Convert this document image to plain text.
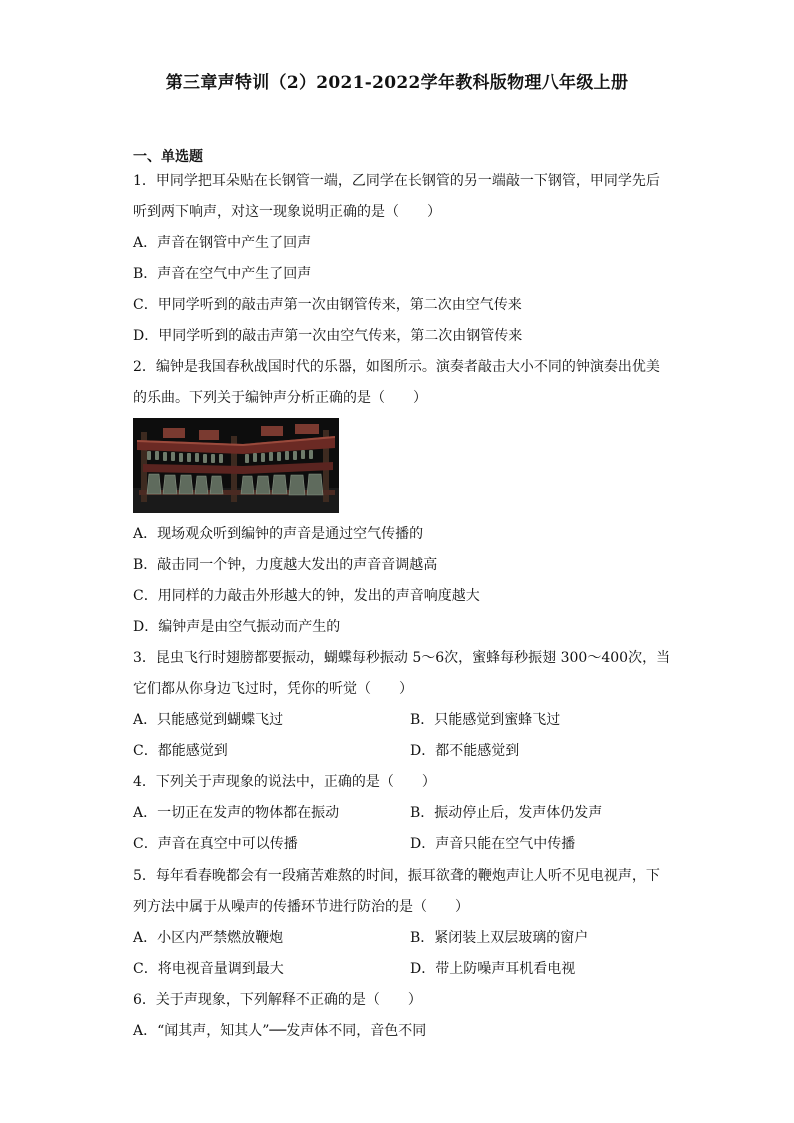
第三章声特训（2）2021-2022学年教科版物理八年级上册
一、单选题
1．甲同学把耳朵贴在长钢管一端，乙同学在长钢管的另一端敲一下钢管，甲同学先后
听到两下响声，对这一现象说明正确的是（　　）
A．声音在钢管中产生了回声
B．声音在空气中产生了回声
C．甲同学听到的敲击声第一次由钢管传来，第二次由空气传来
D．甲同学听到的敲击声第一次由空气传来，第二次由钢管传来
2．编钟是我国春秋战国时代的乐器，如图所示。演奏者敲击大小不同的钟演奏出优美
的乐曲。下列关于编钟声分析正确的是（　　）
A．现场观众听到编钟的声音是通过空气传播的
B．敲击同一个钟，力度越大发出的声音音调越高
C．用同样的力敲击外形越大的钟，发出的声音响度越大
D．编钟声是由空气振动而产生的
3．昆虫飞行时翅膀都要振动，蝴蝶每秒振动 5～6次，蜜蜂每秒振翅 300～400次，当
它们都从你身边飞过时，凭你的听觉（　　）
A．只能感觉到蝴蝶飞过	B．只能感觉到蜜蜂飞过
C．都能感觉到	D．都不能感觉到
4．下列关于声现象的说法中，正确的是（　　）
A．一切正在发声的物体都在振动	B．振动停止后，发声体仍发声
C．声音在真空中可以传播	D．声音只能在空气中传播
5．每年看春晚都会有一段痛苦难熬的时间，振耳欲聋的鞭炮声让人听不见电视声，下
列方法中属于从噪声的传播环节进行防治的是（　　）
A．小区内严禁燃放鞭炮	B．紧闭装上双层玻璃的窗户
C．将电视音量调到最大	D．带上防噪声耳机看电视
6．关于声现象，下列解释不正确的是（　　）
A．“闻其声，知其人”──发声体不同，音色不同
